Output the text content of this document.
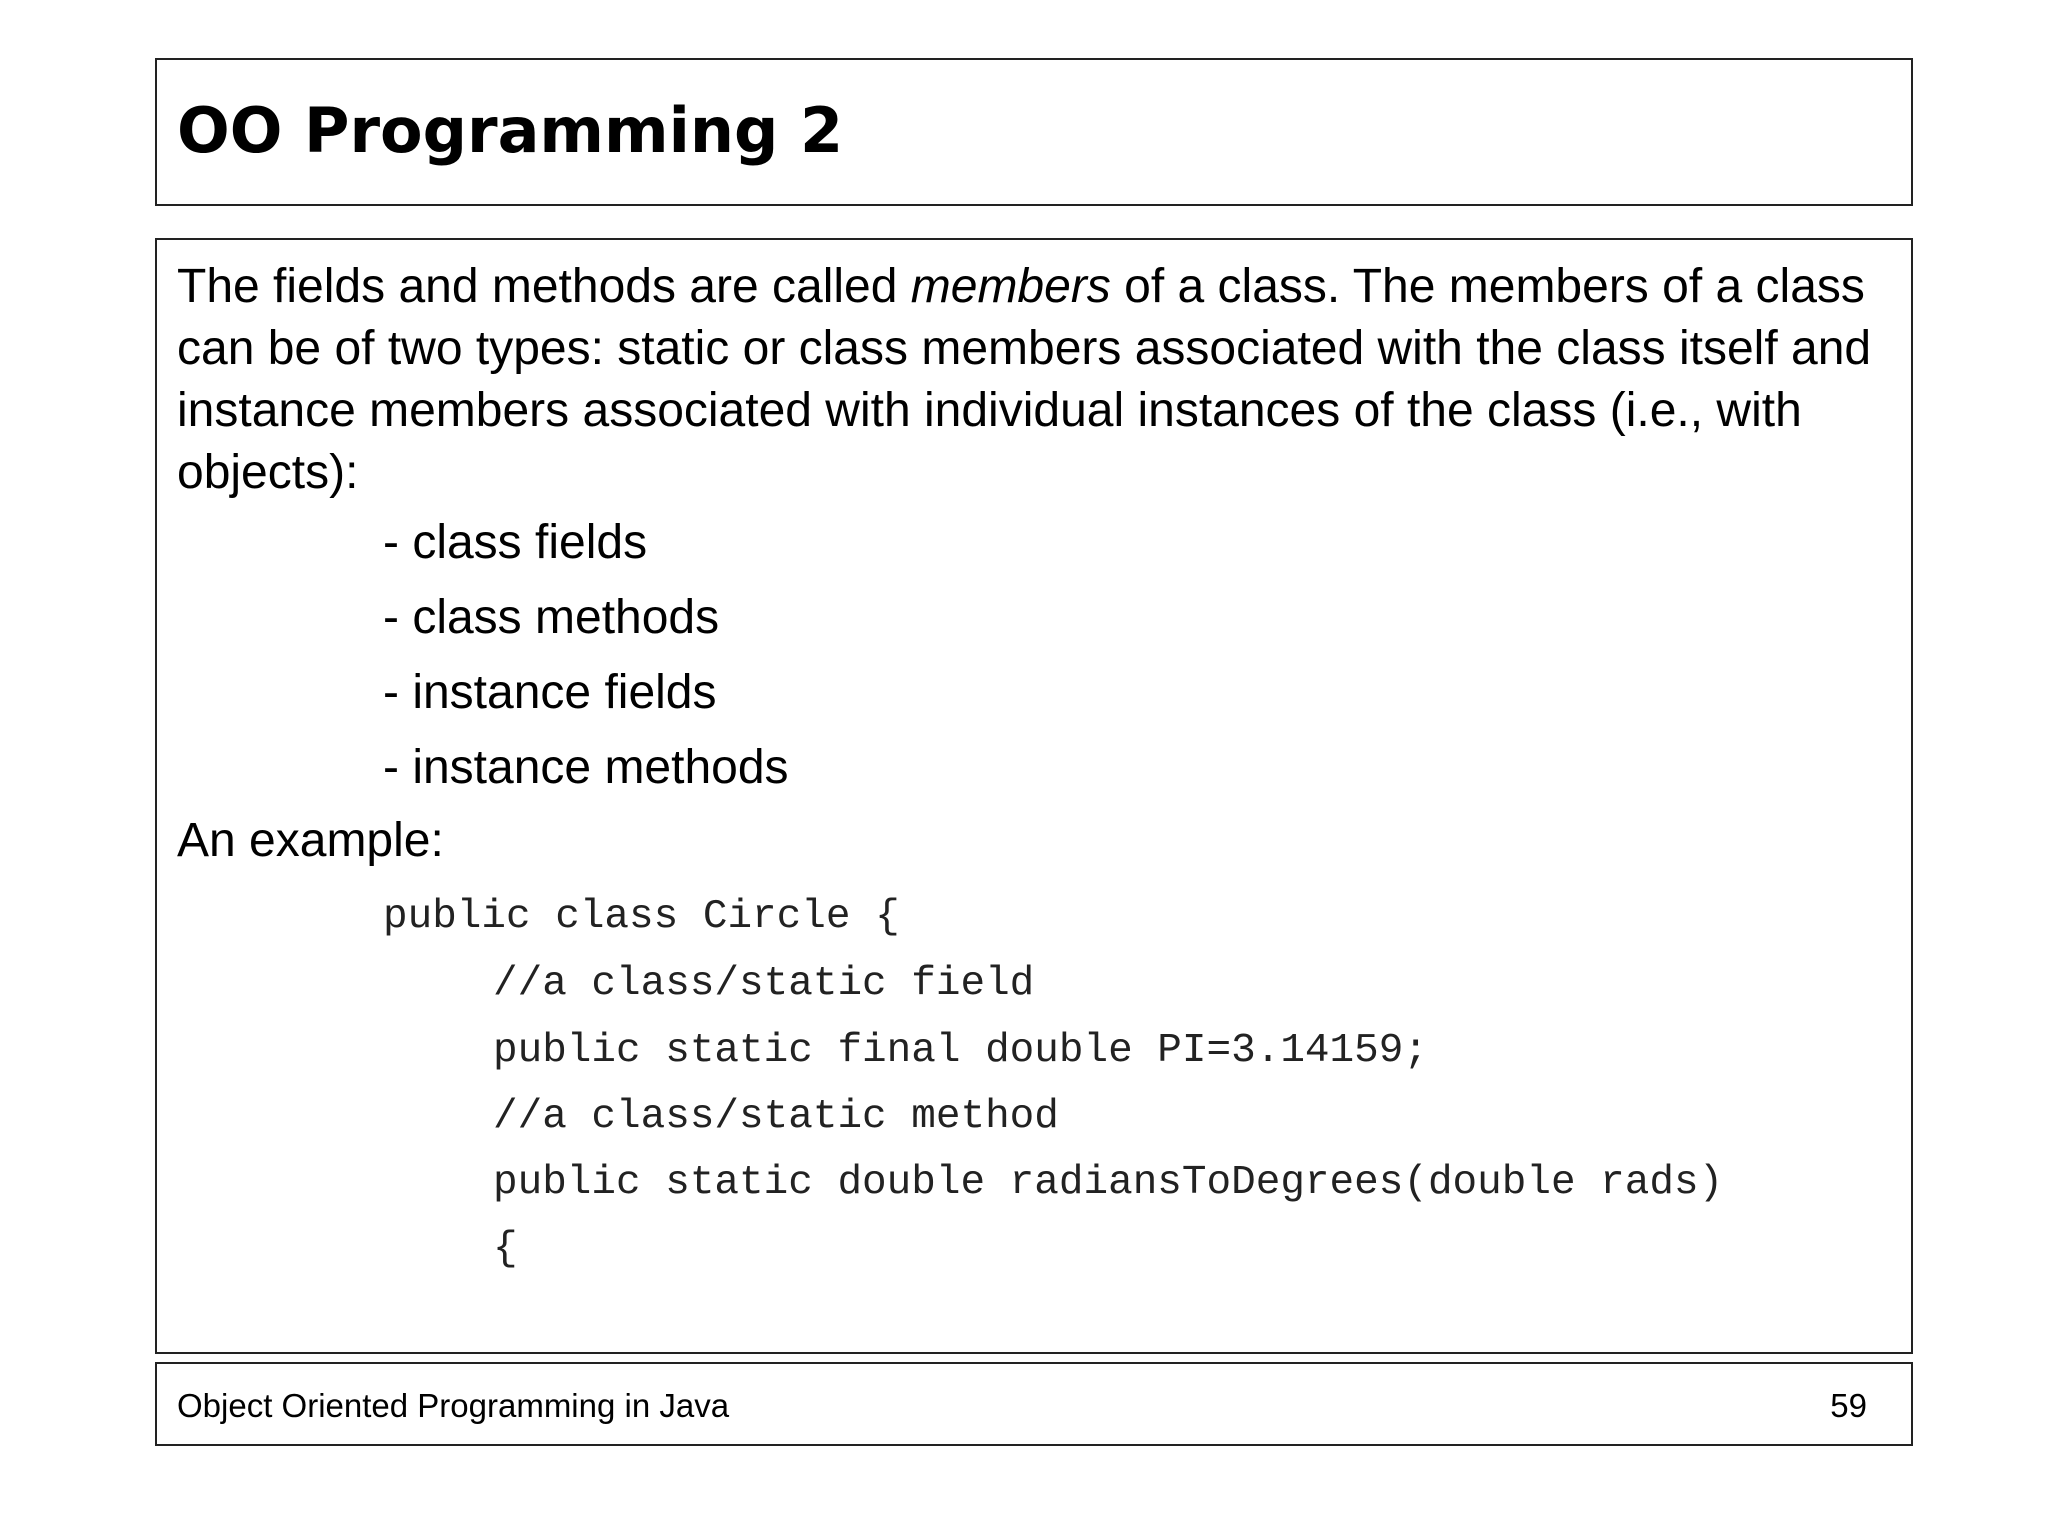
OO Programming 2

The fields and methods are called members of a class. The members of a class can be of two types: static or class members associated with the class itself and instance members associated with individual instances of the class (i.e., with objects):

- class fields

- class methods

- instance fields

- instance methods

An example:

public class Circle {
//a class/static field
public static final double PI=3.14159;
//a class/static method
public static double radiansToDegrees(double rads)
{

Object Oriented Programming in Java	59
